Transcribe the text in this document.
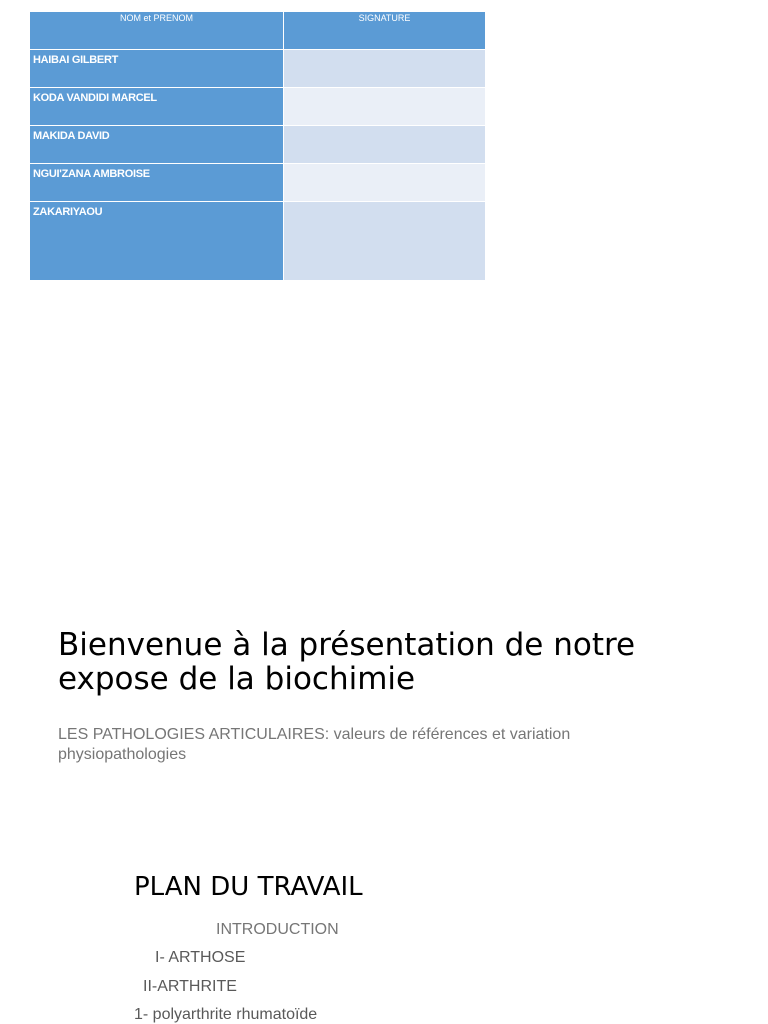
NOM et PRENOM	SIGNATURE
HAIBAI GILBERT	
KODA VANDIDI MARCEL	
MAKIDA DAVID	
NGUI'ZANA AMBROISE	
ZAKARIYAOU	
Bienvenue à la présentation de notre expose de la biochimie

LES PATHOLOGIES ARTICULAIRES: valeurs de références et variation physiopathologies

PLAN DU TRAVAIL

INTRODUCTION

I- ARTHOSE

II-ARTHRITE

1- polyarthrite rhumatoïde
